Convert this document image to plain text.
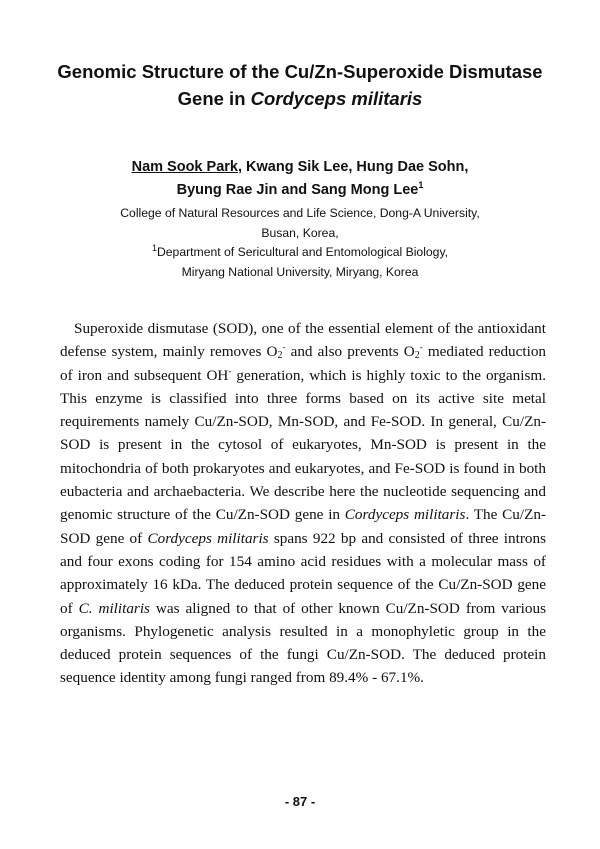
Genomic Structure of the Cu/Zn-Superoxide Dismutase
Gene in Cordyceps militaris
Nam Sook Park, Kwang Sik Lee, Hung Dae Sohn,
Byung Rae Jin and Sang Mong Lee$^1$
College of Natural Resources and Life Science, Dong-A University,
Busan, Korea,
$^1$Department of Sericultural and Entomological Biology,
Miryang National University, Miryang, Korea
Superoxide dismutase (SOD), one of the essential element of the antioxidant defense system, mainly removes $O_2^-$ and also prevents $O_2^-$ mediated reduction of iron and subsequent OH- generation, which is highly toxic to the organism. This enzyme is classified into three forms based on its active site metal requirements namely Cu/Zn-SOD, Mn-SOD, and Fe-SOD. In general, Cu/Zn-SOD is present in the cytosol of eukaryotes, Mn-SOD is present in the mitochondria of both prokaryotes and eukaryotes, and Fe-SOD is found in both eubacteria and archaebacteria. We describe here the nucleotide sequencing and genomic structure of the Cu/Zn-SOD gene in Cordyceps militaris. The Cu/Zn-SOD gene of Cordyceps militaris spans 922 bp and consisted of three introns and four exons coding for 154 amino acid residues with a molecular mass of approximately 16 kDa. The deduced protein sequence of the Cu/Zn-SOD gene of C. militaris was aligned to that of other known Cu/Zn-SOD from various organisms. Phylogenetic analysis resulted in a monophyletic group in the deduced protein sequences of the fungi Cu/Zn-SOD. The deduced protein sequence identity among fungi ranged from 89.4% - 67.1%.
- 87 -
